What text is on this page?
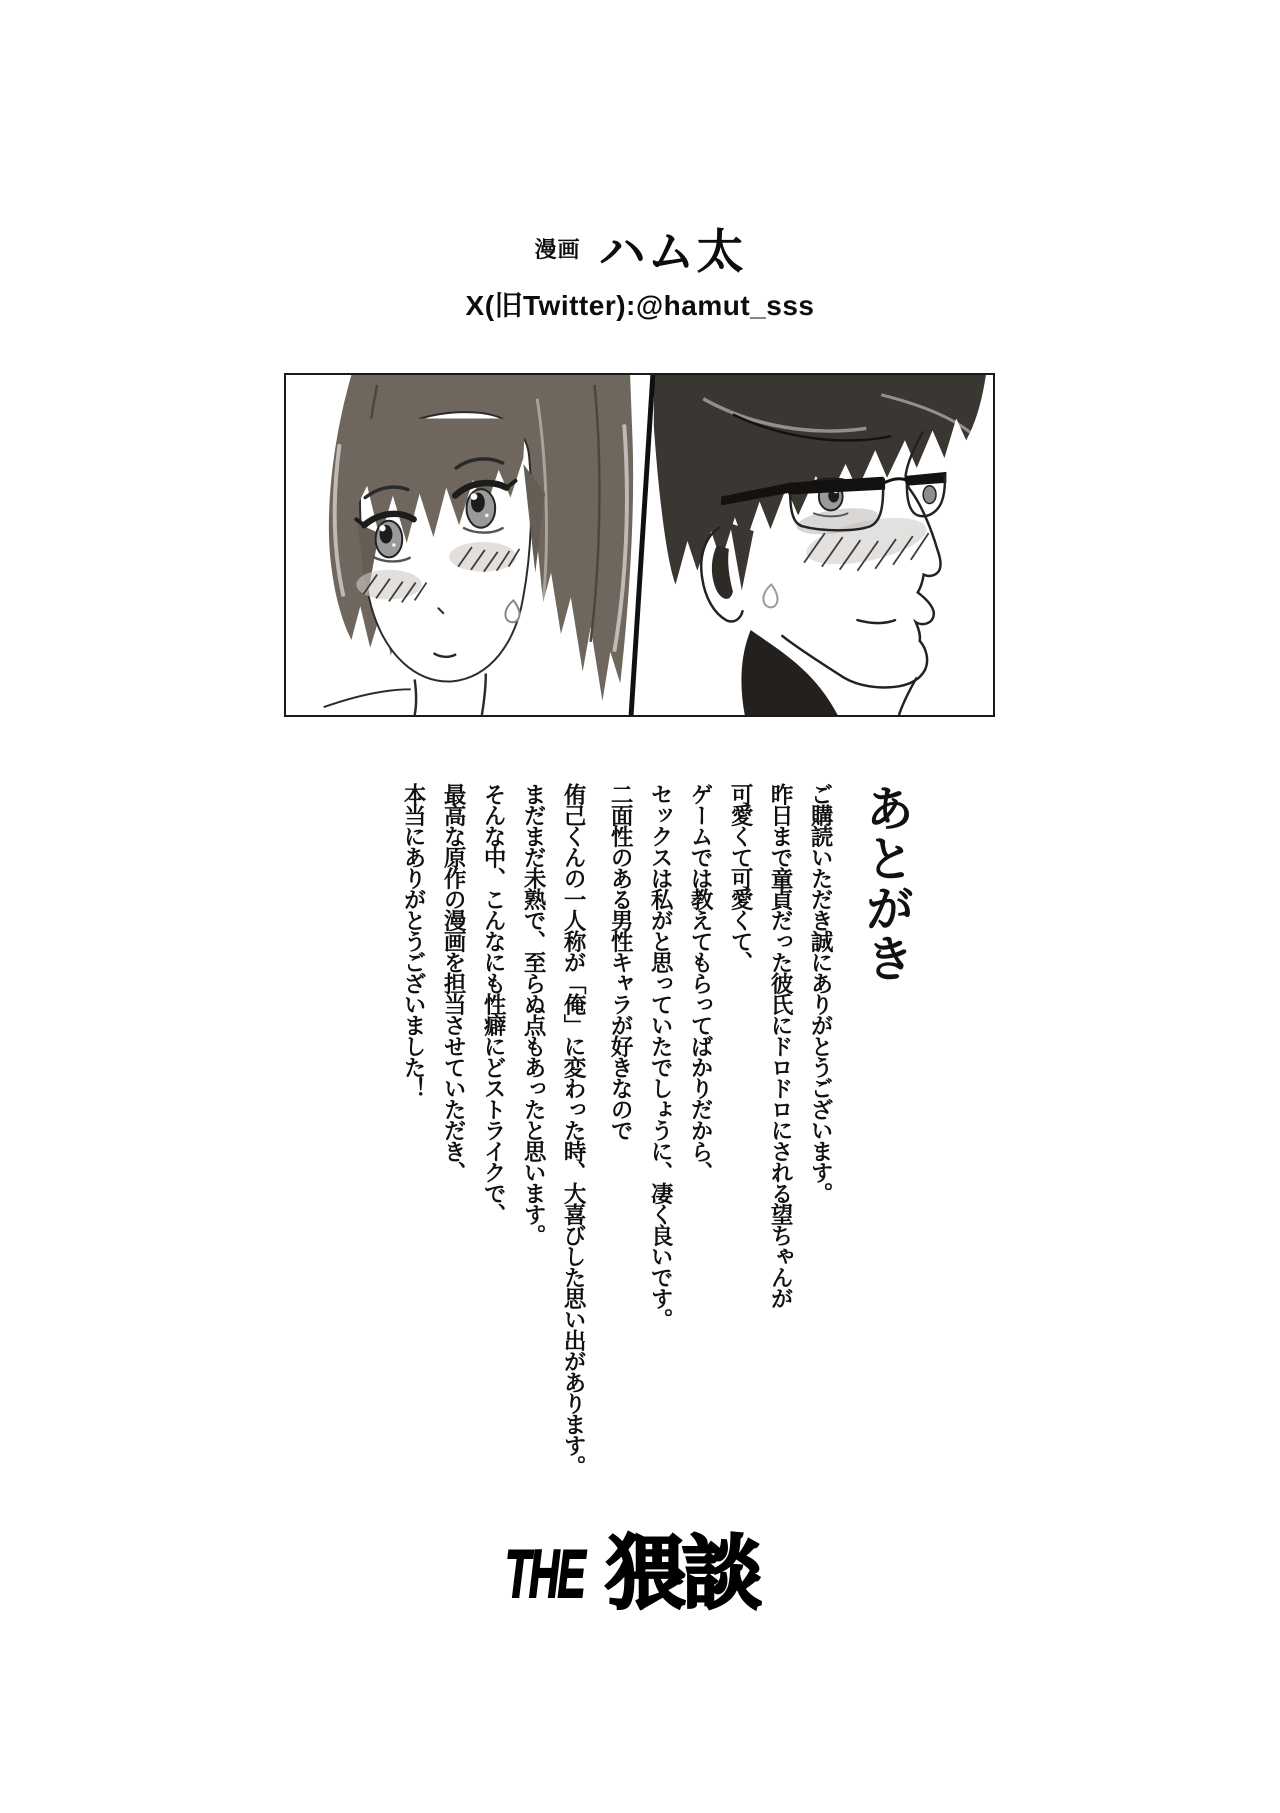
漫画 ハム太
X(旧Twitter):@hamut_sss
あとがき

ご購読いただき誠にありがとうございます。

昨日まで童貞だった彼氏にドロドロにされる望ちゃんが

可愛くて可愛くて、

ゲームでは教えてもらってばかりだから、

セックスは私がと思っていたでしょうに、凄く良いです。

二面性のある男性キャラが好きなので

侑己くんの一人称が「俺」に変わった時、大喜びした思い出があります。

まだまだ未熟で、至らぬ点もあったと思います。

そんな中、こんなにも性癖にどストライクで、

最高な原作の漫画を担当させていただき、

本当にありがとうございました！

THE 猥談
